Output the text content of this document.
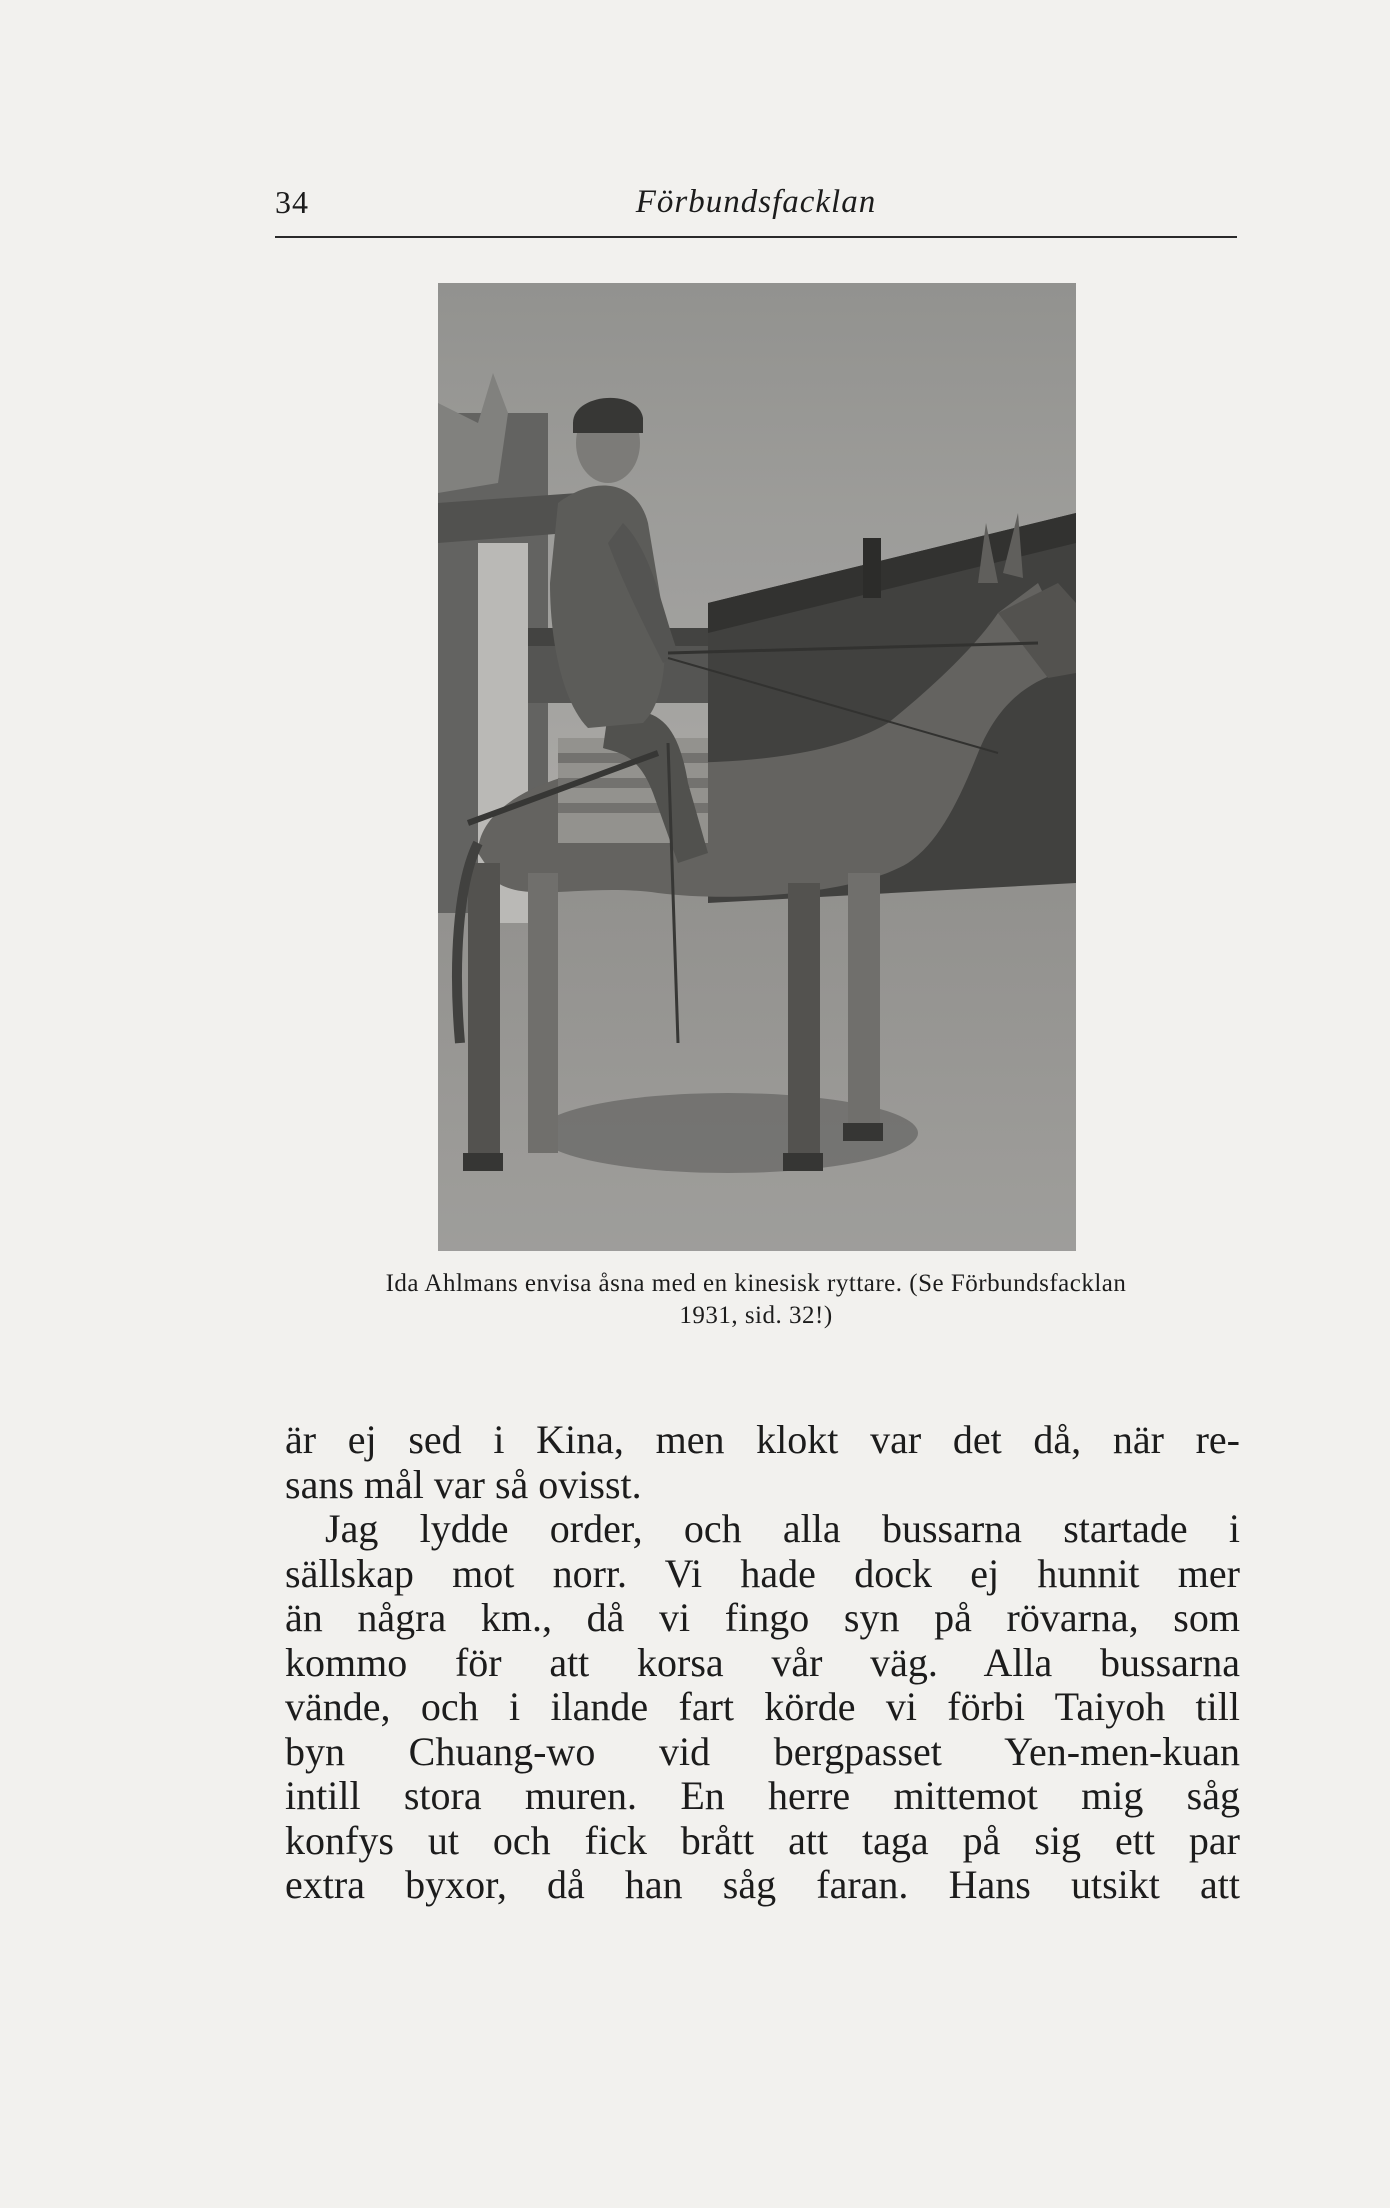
34	Förbundsfacklan
Ida Ahlmans envisa åsna med en kinesisk ryttare. (Se Förbundsfacklan
1931, sid. 32!)
är ej sed i Kina, men klokt var det då, när re-
sans mål var så ovisst.
Jag lydde order, och alla bussarna startade i
sällskap mot norr. Vi hade dock ej hunnit mer
än några km., då vi fingo syn på rövarna, som
kommo för att korsa vår väg. Alla bussarna
vände, och i ilande fart körde vi förbi Taiyoh till
byn Chuang-wo vid bergpasset Yen-men-kuan
intill stora muren. En herre mittemot mig såg
konfys ut och fick brått att taga på sig ett par
extra byxor, då han såg faran. Hans utsikt att
